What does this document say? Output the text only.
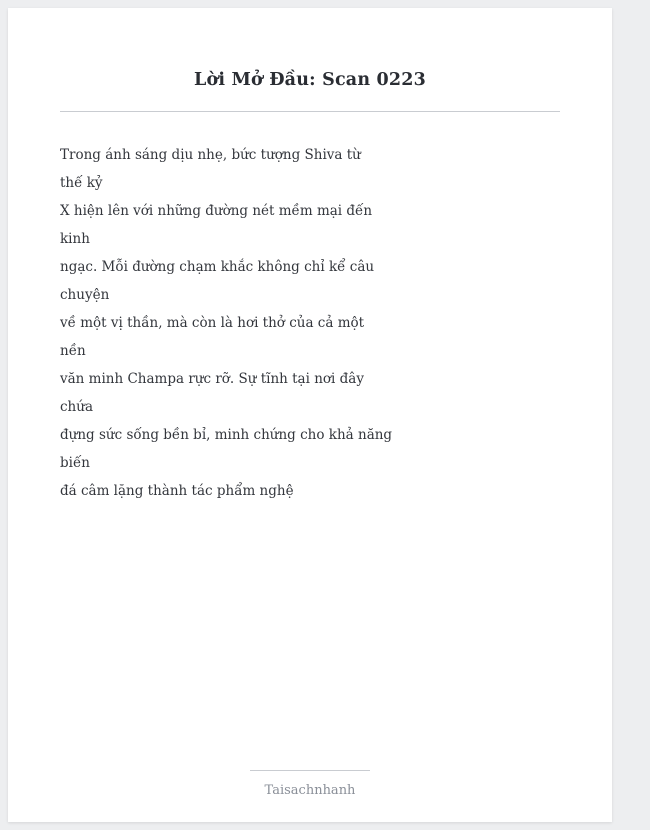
Lời Mở Đầu: Scan 0223
Trong ánh sáng dịu nhẹ, bức tượng Shiva từ
thế kỷ
X hiện lên với những đường nét mềm mại đến
kinh
ngạc. Mỗi đường chạm khắc không chỉ kể câu
chuyện
về một vị thần, mà còn là hơi thở của cả một
nền
văn minh Champa rực rỡ. Sự tĩnh tại nơi đây
chứa
đựng sức sống bền bỉ, minh chứng cho khả năng
biến
đá câm lặng thành tác phẩm nghệ
Taisachnhanh
